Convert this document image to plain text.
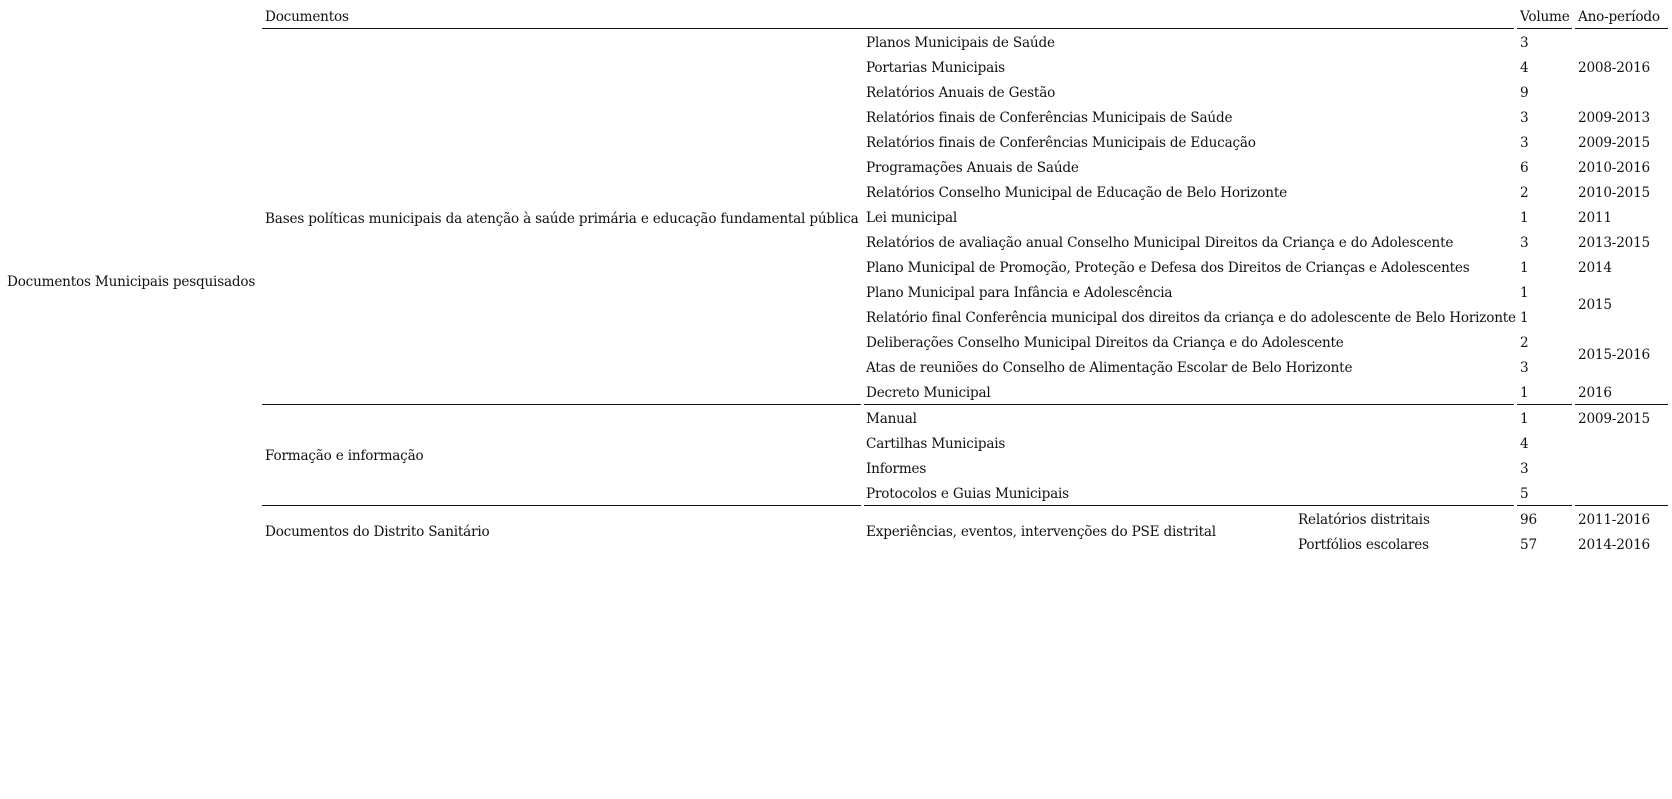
Documentos	Volume Ano-período
Documentos Municipais pesquisados
Bases políticas municipais da atenção à saúde primária e educação fundamental pública
Planos Municipais de Saúde
Portarias Municipais
Relatórios Anuais de Gestão
Relatórios finais de Conferências Municipais de Saúde
Relatórios finais de Conferências Municipais de Educação
Programações Anuais de Saúde
Relatórios Conselho Municipal de Educação de Belo Horizonte
Lei municipal
Relatórios de avaliação anual Conselho Municipal Direitos da Criança e do Adolescente
Plano Municipal de Promoção, Proteção e Defesa dos Direitos de Crianças e Adolescentes
Plano Municipal para Infância e Adolescência
Relatório final Conferência municipal dos direitos da criança e do adolescente de Belo Horizonte
Deliberações Conselho Municipal Direitos da Criança e do Adolescente
Atas de reuniões do Conselho de Alimentação Escolar de Belo Horizonte
Decreto Municipal
3
4
9
3
3
6
2
1
3
1
1
1
2
3
1
2008-2016
2009-2013
2009-2015
2010-2016
2010-2015
2011
2013-2015
2014
2015
2015-2016
2016
Formação e informação
Manual
Cartilhas Municipais
Informes
Protocolos e Guias Municipais
1
4
3
5
2009-2015
Documentos do Distrito Sanitário	Experiências, eventos, intervenções do PSE distrital
Relatórios distritais
Portfólios escolares
96
57
2011-2016
2014-2016
